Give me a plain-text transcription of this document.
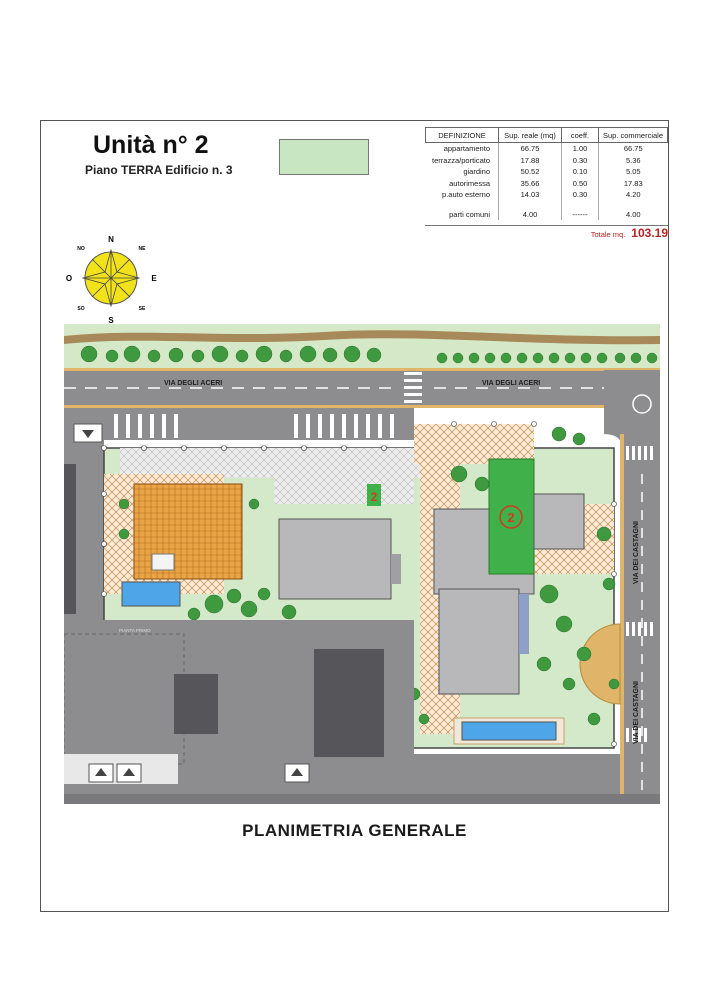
Unità n° 2
Piano TERRA Edificio n. 3
DEFINIZIONE	Sup. reale (mq)	coeff.	Sup. commerciale
appartamento	66.75	1.00	66.75
terrazza/porticato	17.88	0.30	5.36
giardino	50.52	0.10	5.05
autorimessa	35.66	0.50	17.83
p.auto esterno	14.03	0.30	4.20

parti comuni	4.00	------	4.00
Totale mq. 103.19
N
S
E
O
NE
NO
SE
SO
VIA DEGLI ACERI	VIA DEGLI ACERI
VIA DEI CASTAGNI
VIA DEI CASTAGNI
2
2
PIANTA PRIMO
PLANIMETRIA GENERALE
